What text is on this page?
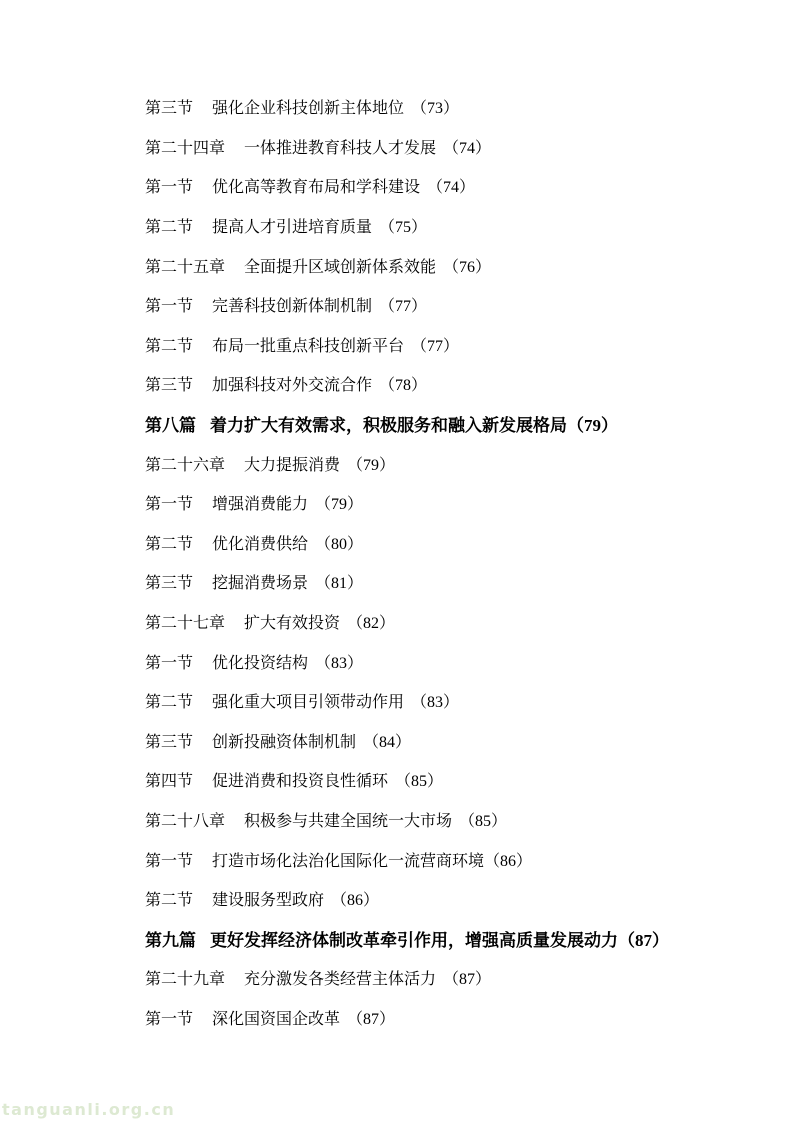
第三节 强化企业科技创新主体地位 （73）

第二十四章 一体推进教育科技人才发展 （74）

第一节 优化高等教育布局和学科建设 （74）

第二节 提高人才引进培育质量 （75）

第二十五章 全面提升区域创新体系效能 （76）

第一节 完善科技创新体制机制 （77）

第二节 布局一批重点科技创新平台 （77）

第三节 加强科技对外交流合作 （78）

第八篇 着力扩大有效需求，积极服务和融入新发展格局 （79）

第二十六章 大力提振消费 （79）

第一节 增强消费能力 （79）

第二节 优化消费供给 （80）

第三节 挖掘消费场景 （81）

第二十七章 扩大有效投资 （82）

第一节 优化投资结构 （83）

第二节 强化重大项目引领带动作用 （83）

第三节 创新投融资体制机制 （84）

第四节 促进消费和投资良性循环 （85）

第二十八章 积极参与共建全国统一大市场 （85）

第一节 打造市场化法治化国际化一流营商环境 （86）

第二节 建设服务型政府 （86）

第九篇 更好发挥经济体制改革牵引作用，增强高质量发展动力 （87）

第二十九章 充分激发各类经营主体活力 （87）

第一节 深化国资国企改革 （87）

tanguanli.org.cn
